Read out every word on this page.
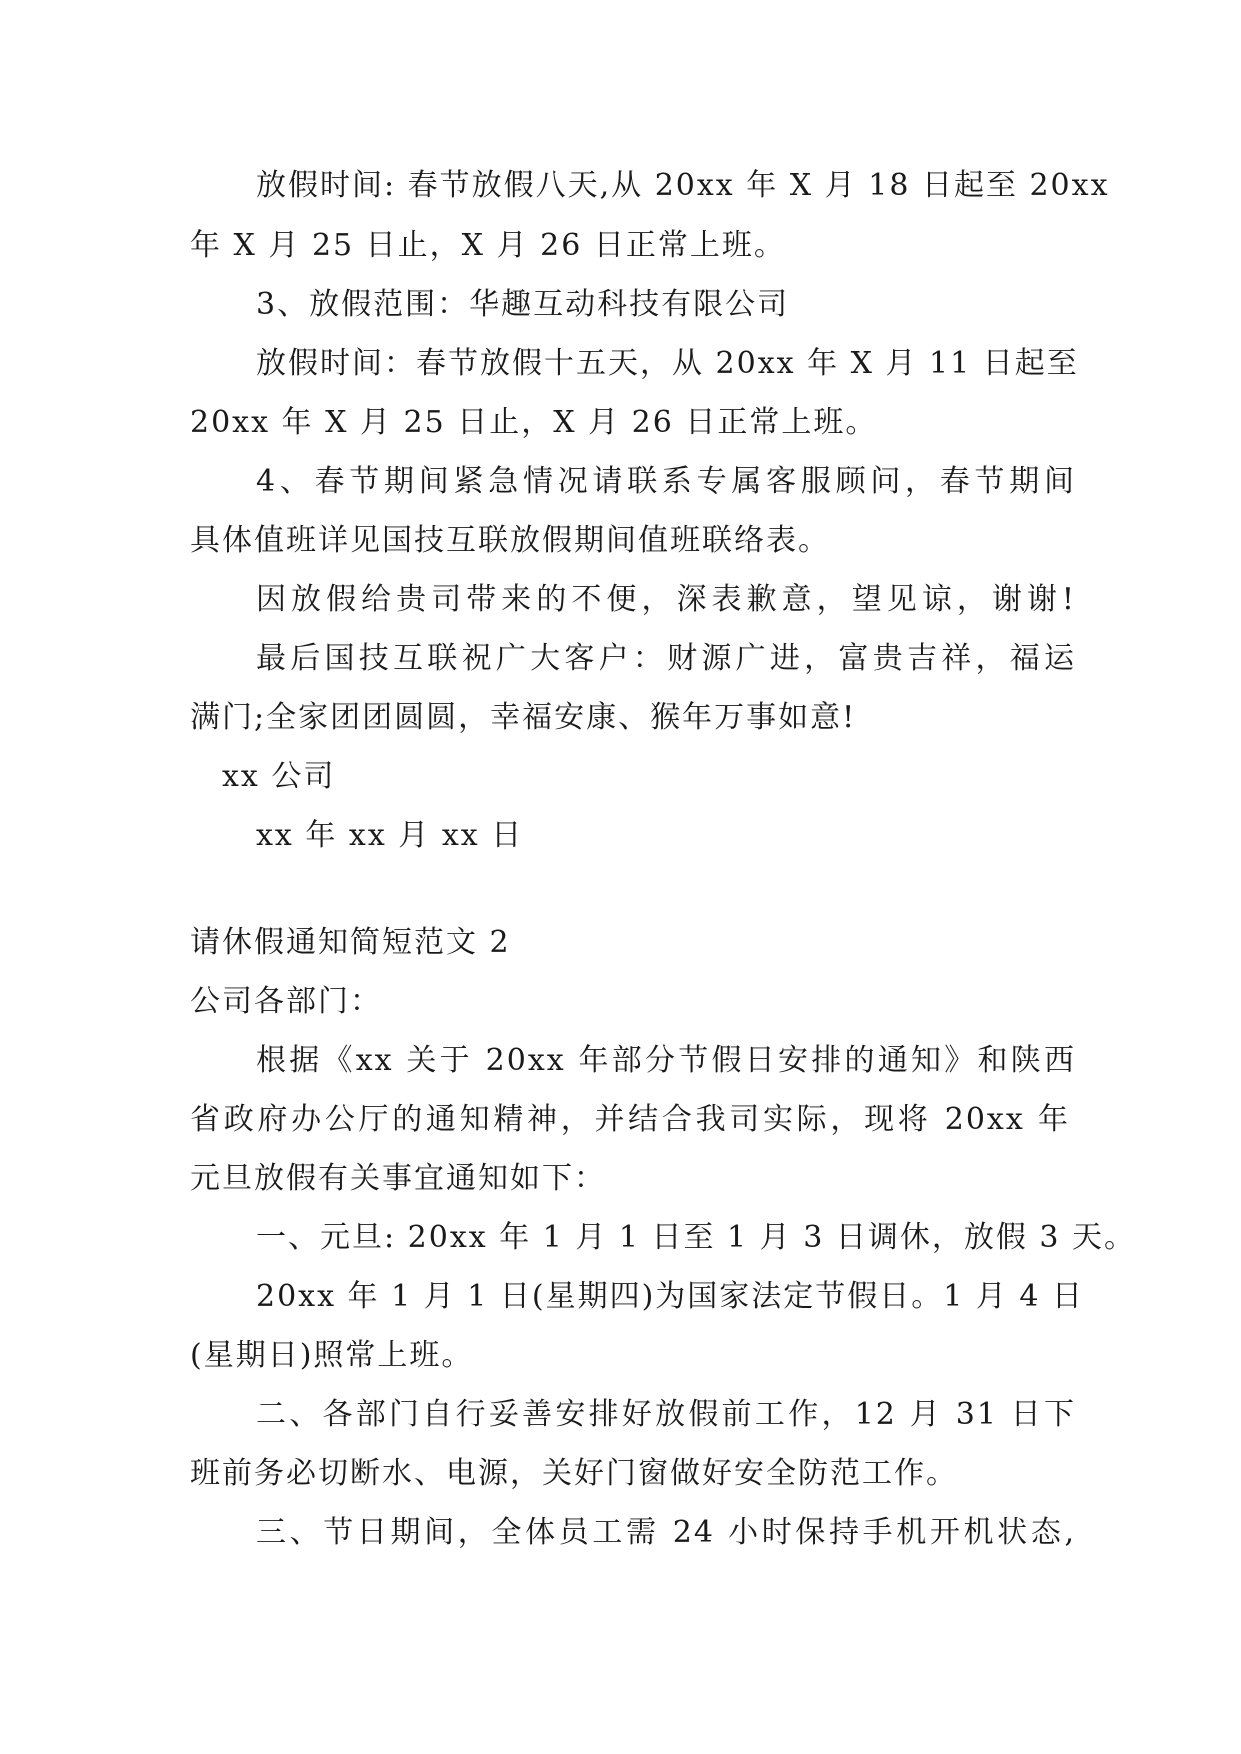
放假时间: 春节放假八天,从 20xx 年 X 月 18 日起至 20xx
年 X 月 25 日止，X 月 26 日正常上班。
3、放假范围：华趣互动科技有限公司
放假时间：春节放假十五天，从 20xx 年 X 月 11 日起至
20xx 年 X 月 25 日止，X 月 26 日正常上班。
4、春节期间紧急情况请联系专属客服顾问，春节期间
具体值班详见国技互联放假期间值班联络表。
因放假给贵司带来的不便，深表歉意，望见谅，谢谢!
最后国技互联祝广大客户：财源广进，富贵吉祥，福运
满门;全家团团圆圆，幸福安康、猴年万事如意!
xx 公司
xx 年 xx 月 xx 日
请休假通知简短范文 2
公司各部门：
根据《xx 关于 20xx 年部分节假日安排的通知》和陕西
省政府办公厅的通知精神，并结合我司实际，现将 20xx 年
元旦放假有关事宜通知如下：
一、元旦: 20xx 年 1 月 1 日至 1 月 3 日调休，放假 3 天。
20xx 年 1 月 1 日(星期四)为国家法定节假日。1 月 4 日
(星期日)照常上班。
二、各部门自行妥善安排好放假前工作，12 月 31 日下
班前务必切断水、电源，关好门窗做好安全防范工作。
三、节日期间，全体员工需 24 小时保持手机开机状态,
